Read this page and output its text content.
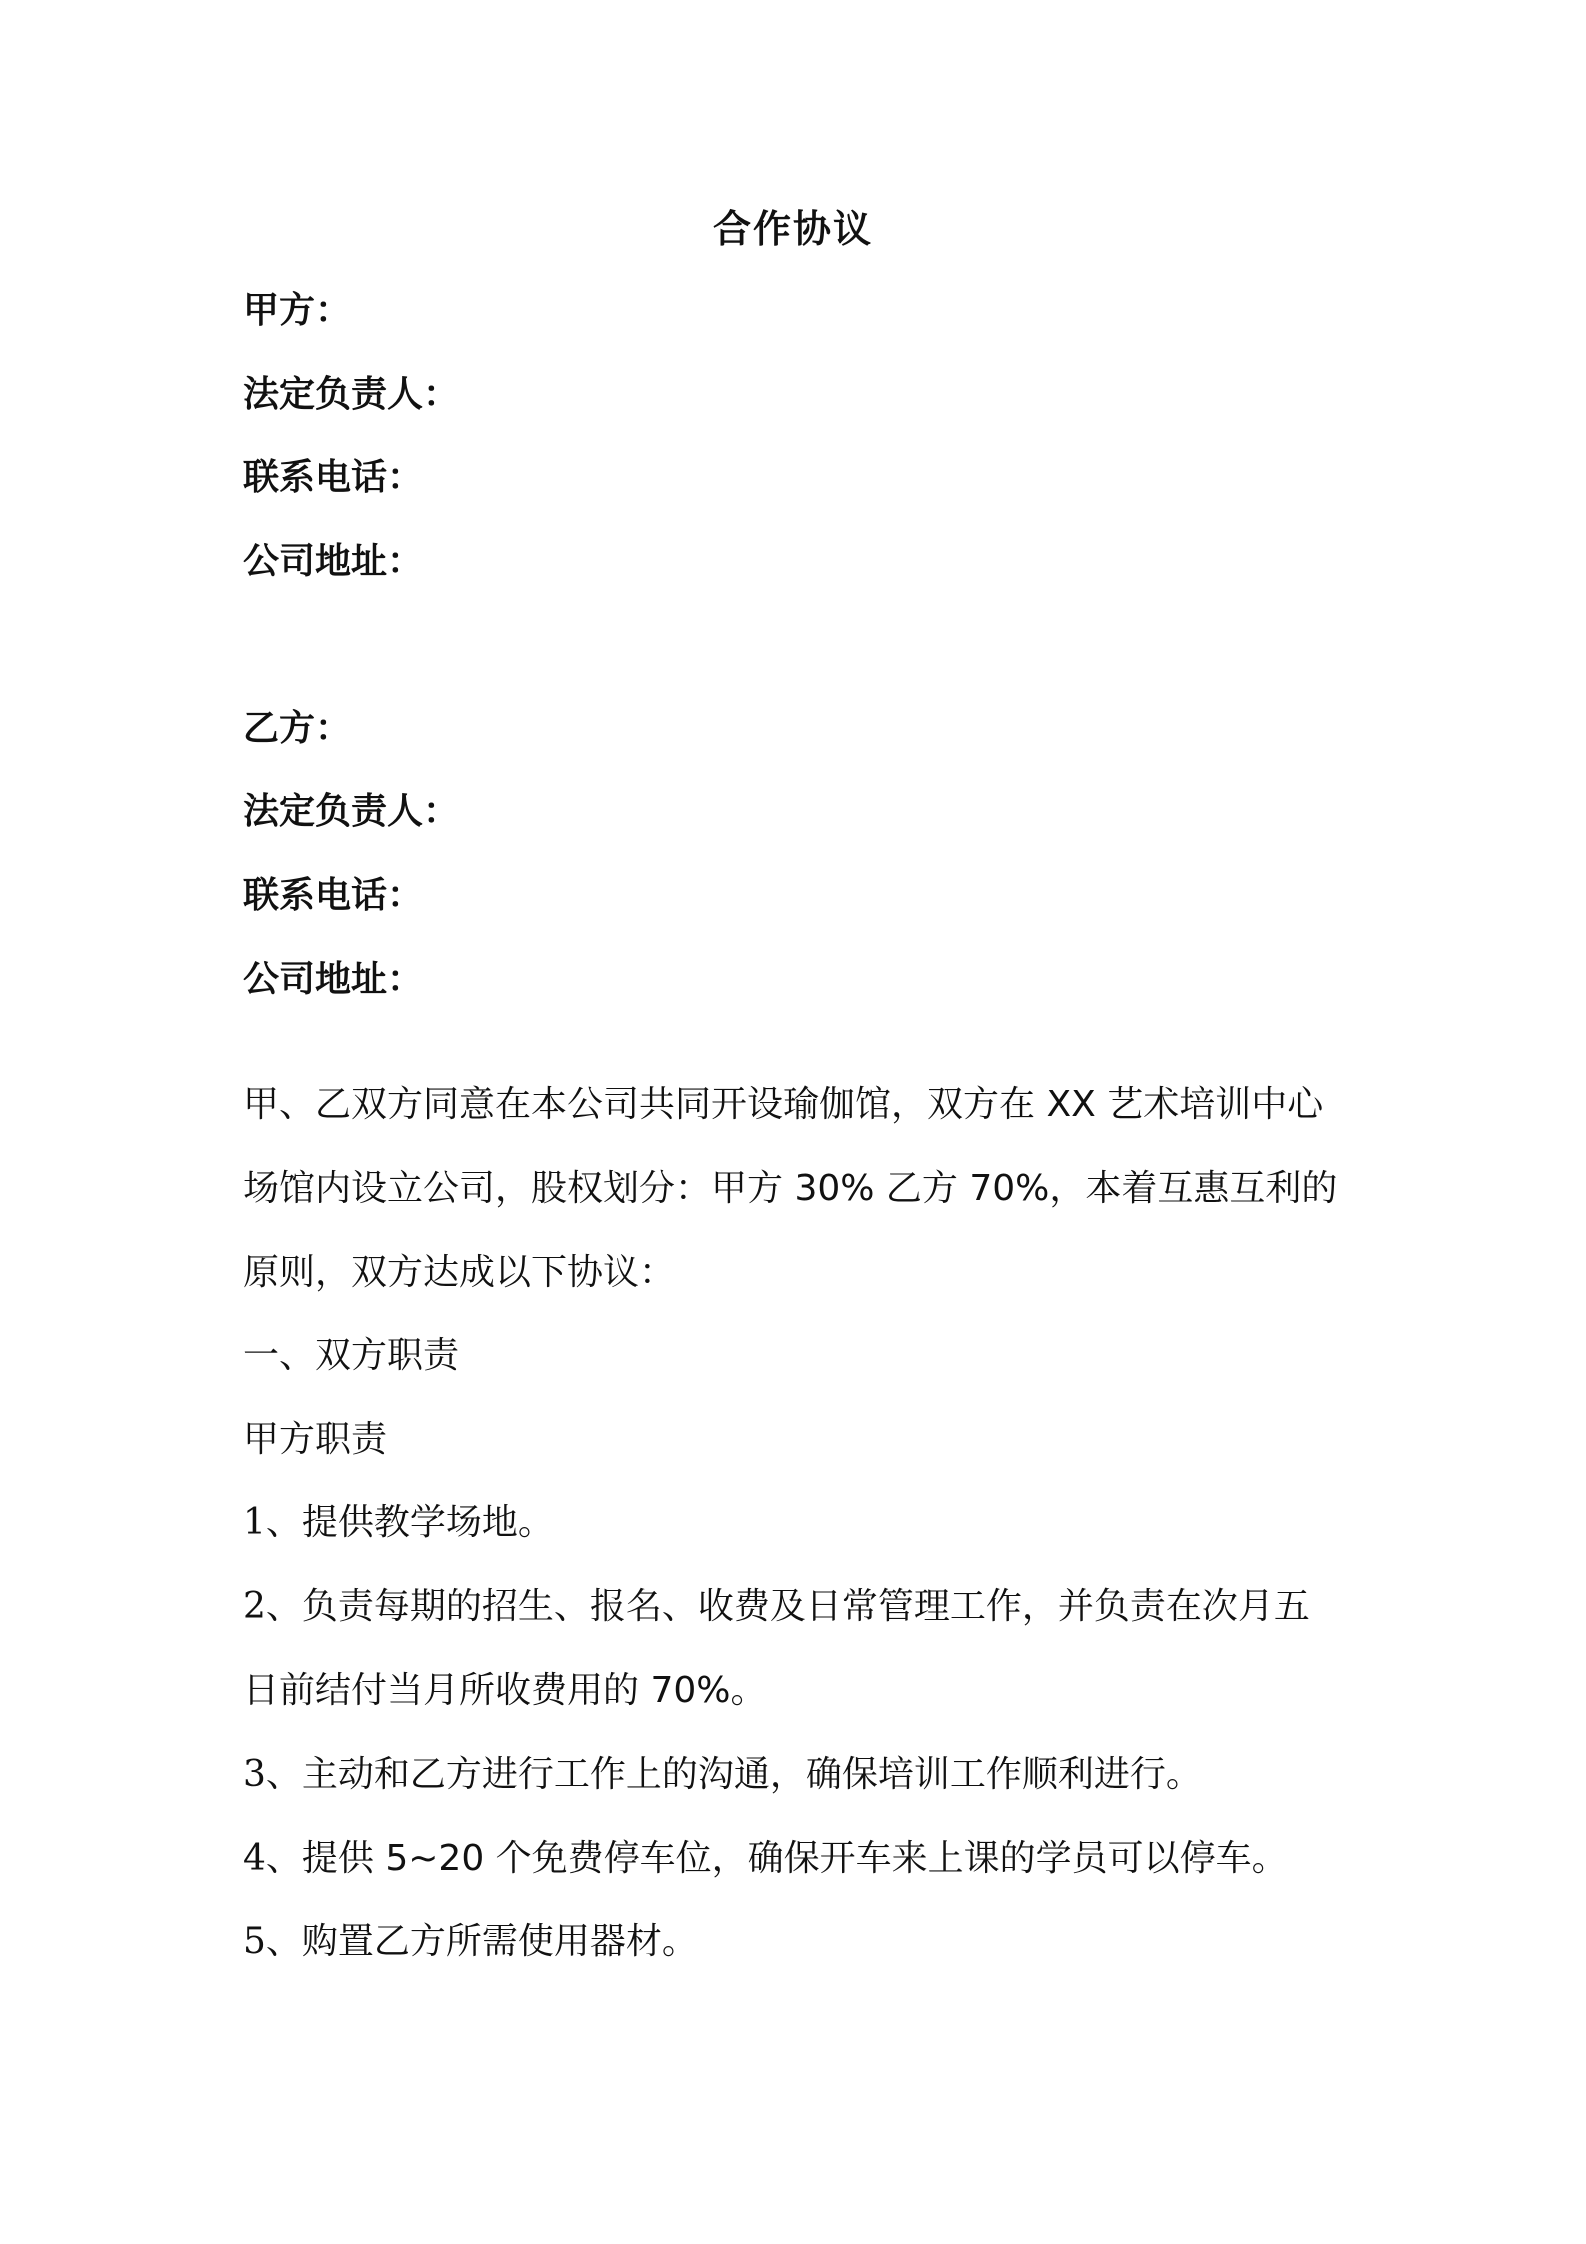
合作协议
甲方：
法定负责人：
联系电话：
公司地址：
乙方：
法定负责人：
联系电话：
公司地址：
甲、乙双方同意在本公司共同开设瑜伽馆，双方在 XX 艺术培训中心
场馆内设立公司，股权划分：甲方 30% 乙方 70%，本着互惠互利的
原则，双方达成以下协议：
一、双方职责
甲方职责
1、提供教学场地。
2、负责每期的招生、报名、收费及日常管理工作，并负责在次月五
日前结付当月所收费用的 70%。
3、主动和乙方进行工作上的沟通，确保培训工作顺利进行。
4、提供 5~20 个免费停车位，确保开车来上课的学员可以停车。
5、购置乙方所需使用器材。
